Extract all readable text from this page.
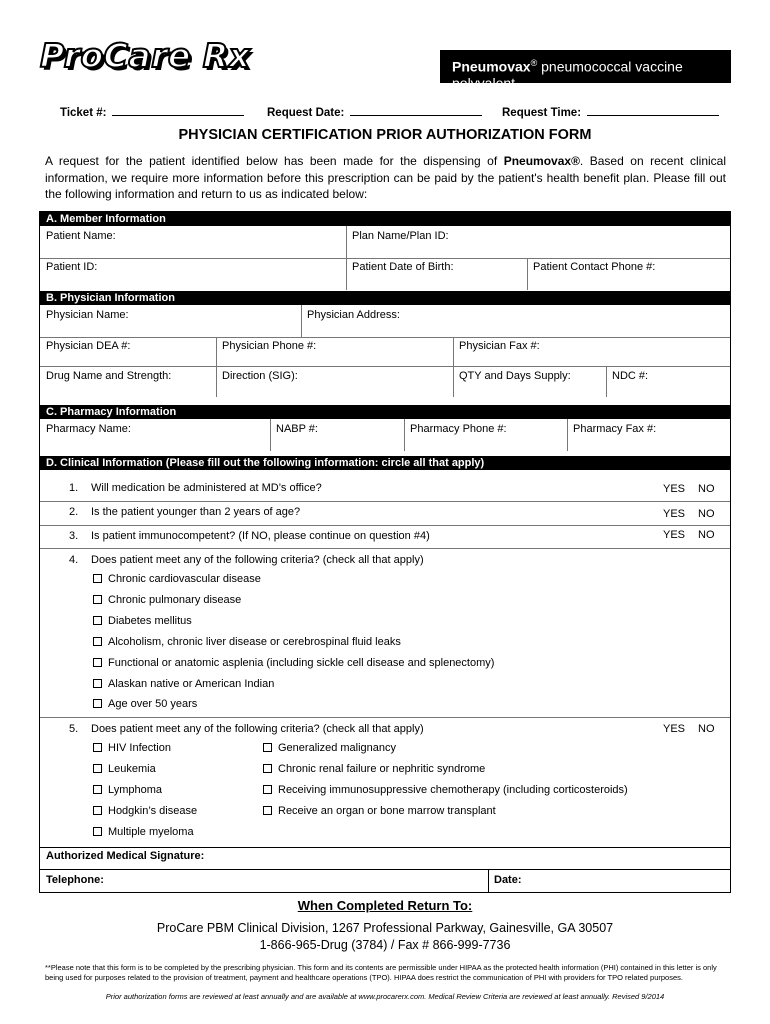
ProCare Rx	Pneumovax® pneumococcal vaccine polyvalent
Ticket #:	Request Date:	Request Time:
PHYSICIAN CERTIFICATION PRIOR AUTHORIZATION FORM
A request for the patient identified below has been made for the dispensing of Pneumovax®. Based on recent clinical information, we require more information before this prescription can be paid by the patient's health benefit plan. Please fill out the following information and return to us as indicated below:
A. Member Information
Patient Name:	Plan Name/Plan ID:
Patient ID:	Patient Date of Birth:	Patient Contact Phone #:
B. Physician Information
Physician Name:	Physician Address:
Physician DEA #:	Physician Phone #:	Physician Fax #:
Drug Name and Strength:	Direction (SIG):	QTY and Days Supply:	NDC #:
C. Pharmacy Information
Pharmacy Name:	NABP #:	Pharmacy Phone #:	Pharmacy Fax #:
D. Clinical Information (Please fill out the following information: circle all that apply)
1. Will medication be administered at MD’s office?	YES NO
2. Is the patient younger than 2 years of age?	YES NO
3. Is patient immunocompetent? (If NO, please continue on question #4)	YES NO
4. Does patient meet any of the following criteria? (check all that apply)
Chronic cardiovascular disease
Chronic pulmonary disease
Diabetes mellitus
Alcoholism, chronic liver disease or cerebrospinal fluid leaks
Functional or anatomic asplenia (including sickle cell disease and splenectomy)
Alaskan native or American Indian
Age over 50 years
5. Does patient meet any of the following criteria? (check all that apply)	YES NO
HIV Infection
Leukemia
Lymphoma
Hodgkin’s disease
Multiple myeloma
Generalized malignancy
Chronic renal failure or nephritic syndrome
Receiving immunosuppressive chemotherapy (including corticosteroids)
Receive an organ or bone marrow transplant
Authorized Medical Signature:
Telephone:	Date:
When Completed Return To:
ProCare PBM Clinical Division, 1267 Professional Parkway, Gainesville, GA 30507
1-866-965-Drug (3784) / Fax # 866-999-7736
**Please note that this form is to be completed by the prescribing physician. This form and its contents are permissible under HIPAA as the protected health information (PHI) contained in this letter is only being used for purposes related to the provision of treatment, payment and healthcare operations (TPO). HIPAA does restrict the communication of PHI with providers for TPO related purposes.
Prior authorization forms are reviewed at least annually and are available at www.procarerx.com. Medical Review Criteria are reviewed at least annually. Revised 9/2014
